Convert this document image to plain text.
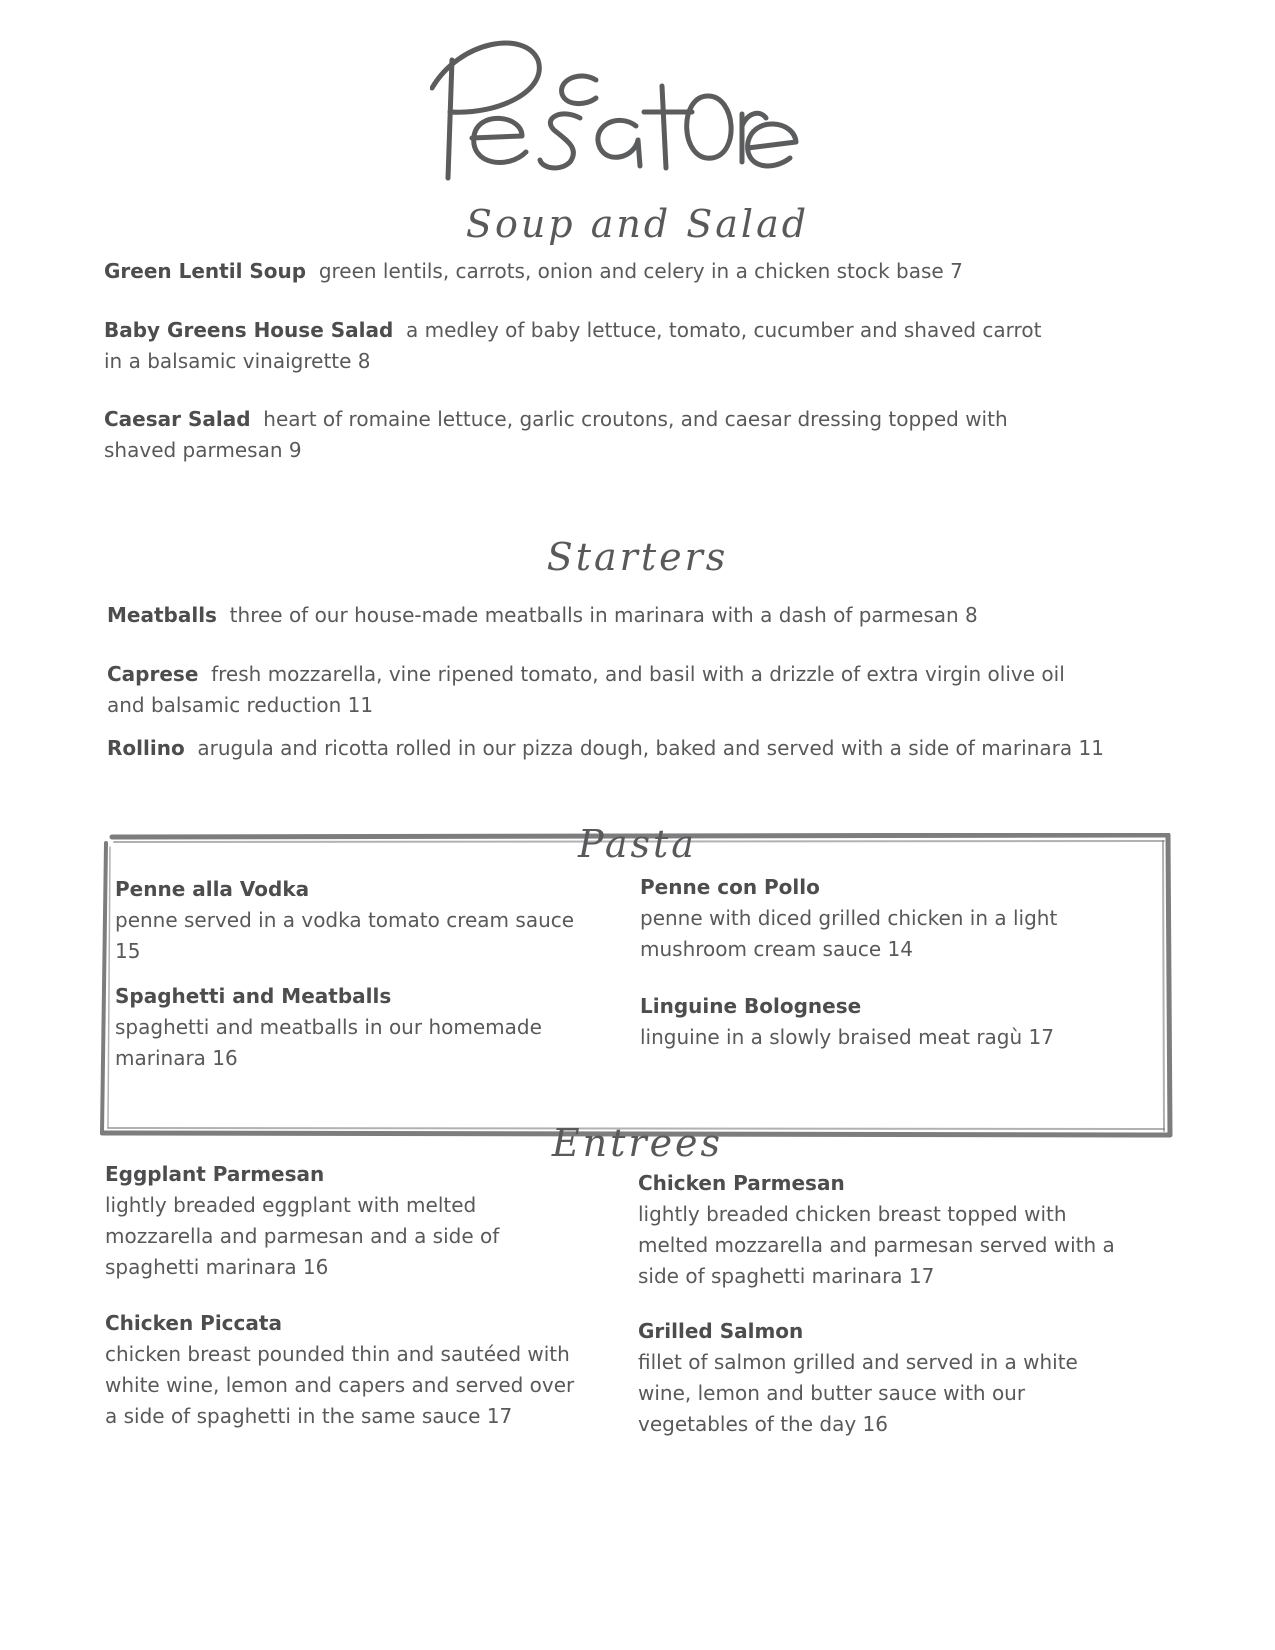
Soup and Salad

Green Lentil Soup green lentils, carrots, onion and celery in a chicken stock base 7

Baby Greens House Salad a medley of baby lettuce, tomato, cucumber and shaved carrot in a balsamic vinaigrette 8

Caesar Salad heart of romaine lettuce, garlic croutons, and caesar dressing topped with shaved parmesan 9

Starters

Meatballs three of our house-made meatballs in marinara with a dash of parmesan 8

Caprese fresh mozzarella, vine ripened tomato, and basil with a drizzle of extra virgin olive oil and balsamic reduction 11

Rollino arugula and ricotta rolled in our pizza dough, baked and served with a side of marinara 11

Pasta
Penne alla Vodka
penne served in a vodka tomato cream sauce 15
Penne con Pollo
penne with diced grilled chicken in a light mushroom cream sauce 14
Spaghetti and Meatballs
spaghetti and meatballs in our homemade marinara 16
Linguine Bolognese
linguine in a slowly braised meat ragù 17
Entrees
Eggplant Parmesan
lightly breaded eggplant with melted mozzarella and parmesan and a side of spaghetti marinara 16
Chicken Parmesan
lightly breaded chicken breast topped with melted mozzarella and parmesan served with a side of spaghetti marinara 17
Chicken Piccata
chicken breast pounded thin and sautéed with white wine, lemon and capers and served over a side of spaghetti in the same sauce 17
Grilled Salmon
fillet of salmon grilled and served in a white wine, lemon and butter sauce with our vegetables of the day 16
